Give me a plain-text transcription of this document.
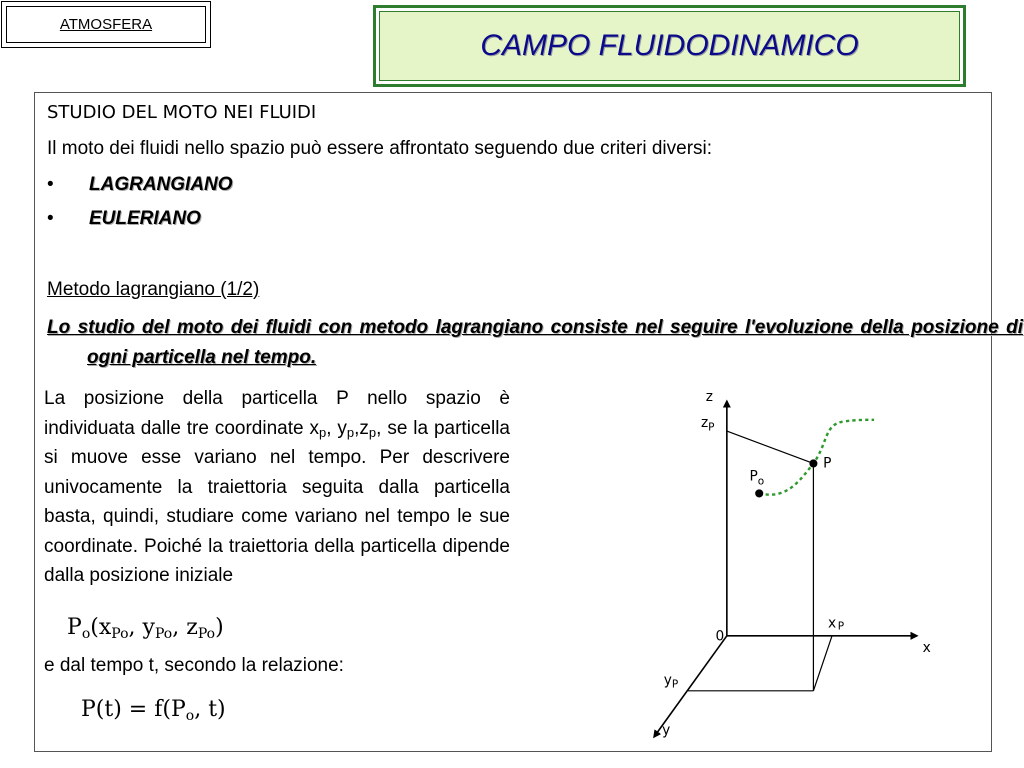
ATMOSFERA
CAMPO FLUIDODINAMICO
STUDIO DEL MOTO NEI FLUIDI
Il moto dei fluidi nello spazio può essere affrontato seguendo due criteri diversi:
• LAGRANGIANO
• EULERIANO
Metodo lagrangiano (1/2)
Lo studio del moto dei fluidi con metodo lagrangiano consiste nel seguire l'evoluzione della posizione di ogni particella nel tempo.
La posizione della particella P nello spazio è individuata dalle tre coordinate $x_p$, $y_p,z_p$, se la particella si muove esse variano nel tempo. Per descrivere univocamente la traiettoria seguita dalla particella basta, quindi, studiare come variano nel tempo le sue coordinate. Poiché la traiettoria della particella dipende dalla posizione iniziale
$P_o(x_{Po}$, $y_{Po}$, $z_{Po}$)
e dal tempo t, secondo la relazione:
$P(t) = f(P_o$, t)
0
x
z
y
$z_P$
x P
$y_P$
P
$P_o$
